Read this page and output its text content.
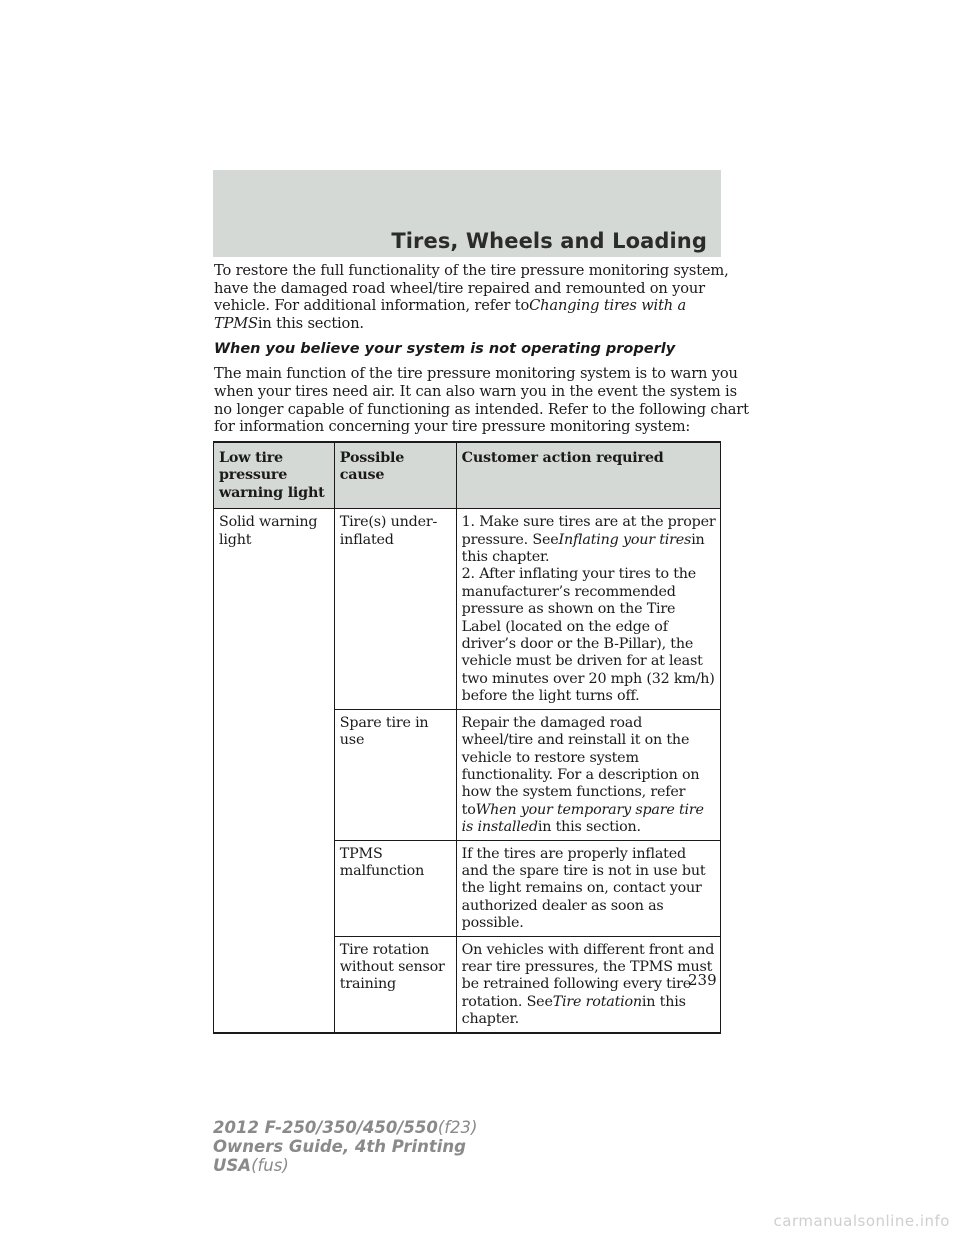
Tires, Wheels and Loading

To restore the full functionality of the tire pressure monitoring system,
have the damaged road wheel/tire repaired and remounted on your
vehicle. For additional information, refer toChanging tires with a
TPMSin this section.

When you believe your system is not operating properly

The main function of the tire pressure monitoring system is to warn you
when your tires need air. It can also warn you in the event the system is
no longer capable of functioning as intended. Refer to the following chart
for information concerning your tire pressure monitoring system:

Low tire pressure warning light	Possible cause	Customer action required
Solid warning light	Tire(s) under-inflated	1. Make sure tires are at the proper pressure. SeeInflating your tiresin this chapter.
2. After inflating your tires to the manufacturer’s recommended pressure as shown on the Tire Label (located on the edge of driver’s door or the B-Pillar), the vehicle must be driven for at least two minutes over 20 mph (32 km/h) before the light turns off.
	Spare tire in use	Repair the damaged road wheel/tire and reinstall it on the vehicle to restore system functionality. For a description on how the system functions, refer toWhen your temporary spare tire is installedin this section.
	TPMS malfunction	If the tires are properly inflated and the spare tire is not in use but the light remains on, contact your authorized dealer as soon as possible.
	Tire rotation without sensor training	On vehicles with different front and rear tire pressures, the TPMS must be retrained following every tire rotation. SeeTire rotationin this chapter.
239
2012 F-250/350/450/550(f23)
Owners Guide, 4th Printing
USA(fus)
carmanualsonline.info
